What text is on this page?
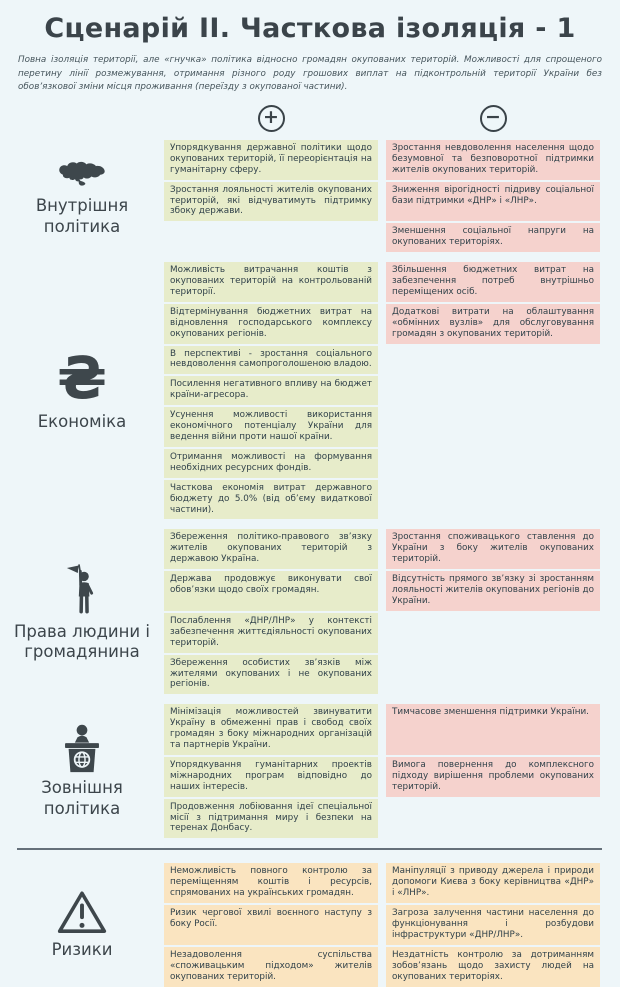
Сценарій ІІ. Часткова ізоляція - 1

Повна ізоляція території, але «гнучка» політика відносно громадян окупованих територій. Можливості для спрощеного перетину лінії розмежування, отримання різного роду грошових виплат на підконтрольній території України без обов’язкової зміни місця проживання (переїзду з окупованої частини).

+	−
Внутрішня політика
Упорядкування державної політики щодо окупованих територій, її переорієнтація на гуманітарну сферу.
Зростання лояльності жителів окупованих територій, які відчуватимуть підтримку збоку держави.
Зростання невдоволення населення щодо безумовної та безповоротної підтримки жителів окупованих територій.
Зниження вірогідності підриву соціальної бази підтримки «ДНР» і «ЛНР».
Зменшення соціальної напруги на окупованих територіях.
₴
Економіка
Можливість витрачання коштів з окупованих територій на контрольованій території.
Відтермінування бюджетних витрат на відновлення господарського комплексу окупованих регіонів.
В перспективі - зростання соціального невдоволення самопроголошеною владою.
Посилення негативного впливу на бюджет країни-агресора.
Усунення можливості використання економічного потенціалу України для ведення війни проти нашої країни.
Отримання можливості на формування необхідних ресурсних фондів.
Часткова економія витрат державного бюджету до 5.0% (від об’єму видаткової частини).
Збільшення бюджетних витрат на забезпечення потреб внутрішньо переміщених осіб.
Додаткові витрати на облаштування «обмінних вузлів» для обслуговування громадян з окупованих територій.
Права людини і громадянина
Збереження політико-правового зв’язку жителів окупованих територій з державою Україна.
Держава продовжує виконувати свої обов’язки щодо своїх громадян.
Послаблення «ДНР/ЛНР» у контексті забезпечення життєдіяльності окупованих територій.
Збереження особистих зв’язків між жителями окупованих і не окупованих регіонів.
Зростання споживацького ставлення до України з боку жителів окупованих територій.
Відсутність прямого зв’язку зі зростанням лояльності жителів окупованих регіонів до України.
Зовнішня політика
Мінімізація можливостей звинуватити Україну в обмеженні прав і свобод своїх громадян з боку міжнародних організацій та партнерів України.
Упорядкування гуманітарних проектів міжнародних програм відповідно до наших інтересів.
Продовження лобіювання ідеї спеціальної місії з підтримання миру і безпеки на теренах Донбасу.
Тимчасове зменшення підтримки України.
Вимога повернення до комплексного підходу вирішення проблеми окупованих територій.
Ризики
Неможливість повного контролю за переміщенням коштів і ресурсів, спрямованих на українських громадян.
Ризик чергової хвилі воєнного наступу з боку Росії.
Незадоволення суспільства «споживацьким підходом» жителів окупованих територій.
Маніпуляції з приводу джерела і природи допомоги Києва з боку керівництва «ДНР» і «ЛНР».
Загроза залучення частини населення до функціонування і розбудови інфраструктури «ДНР/ЛНР».
Нездатність контролю за дотриманням зобов’язань щодо захисту людей на окупованих територіях.
